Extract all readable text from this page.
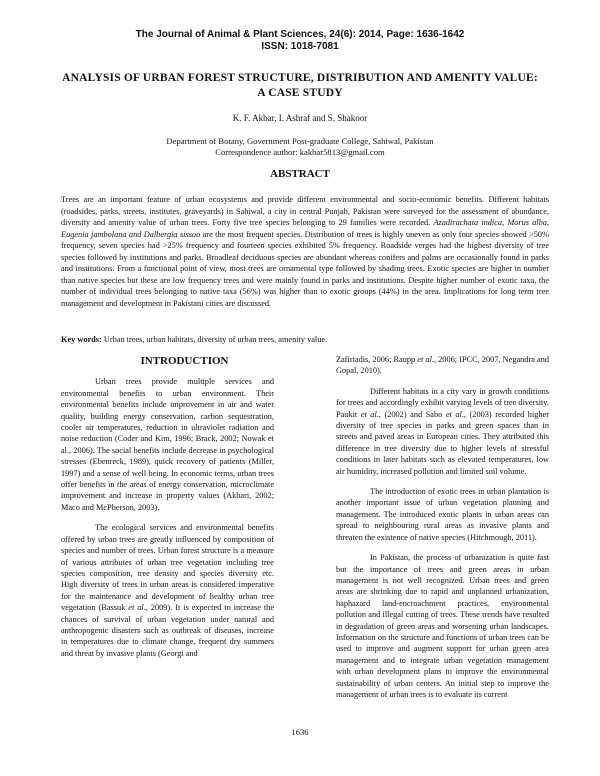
The Journal of Animal & Plant Sciences, 24(6): 2014, Page: 1636-1642
ISSN: 1018-7081
ANALYSIS OF URBAN FOREST STRUCTURE, DISTRIBUTION AND AMENITY VALUE: A CASE STUDY
K. F. Akbar, I. Ashraf and S. Shakoor
Department of Botany, Government Post-graduate College, Sahiwal, Pakistan
Correspondence author: kakbar5813@gmail.com
ABSTRACT

Trees are an important feature of urban ecosystems and provide different environmental and socio-economic benefits. Different habitats (roadsides, parks, streets, institutes, graveyards) in Sahiwal, a city in central Punjab, Pakistan were surveyed for the assessment of abundance, diversity and amenity value of urban trees. Forty five tree species belonging to 29 families were recorded. Azadirachata indica, Morus alba, Eugenia jambolana and Dalbergia sissoo are the most frequent species. Distribution of trees is highly uneven as only four species showed >50% frequency, seven species had >25% frequency and fourteen species exhibited 5% frequency. Roadside verges had the highest diversity of tree species followed by institutions and parks. Broadleaf deciduous species are abundant whereas conifers and palms are occasionally found in parks and institutions. From a functional point of view, most trees are ornamental type followed by shading trees. Exotic species are higher in number than native species but these are low frequency trees and were mainly found in parks and institutions. Despite higher number of exotic taxa, the number of individual trees belonging to native taxa (56%) was higher than to exotic groups (44%) in the area. Implications for long term tree management and development in Pakistani cities are discussed.

Key words: Urban trees, urban habitats, diversity of urban trees, amenity value.

INTRODUCTION

Urban trees provide multiple services and environmental benefits to urban environment. Their environmental benefits include improvement in air and water quality, building energy conservation, carbon sequestration, cooler air temperatures, reduction in ultraviolet radiation and noise reduction (Coder and Kim, 1996; Brack, 2002; Nowak et al., 2006). The social benefits include decrease in psychological stresses (Ebenreck, 1989), quick recovery of patients (Miller, 1997) and a sense of well being. In economic terms, urban trees offer benefits in the areas of energy conservation, microclimate improvement and increase in property values (Akbari, 2002; Maco and McPherson, 2003).

The ecological services and environmental benefits offered by urban trees are greatly influenced by composition of species and number of trees. Urban forest structure is a measure of various attributes of urban tree vegetation including tree species composition, tree density and species diversity etc. High diversity of trees in urban areas is considered imperative for the maintenance and development of healthy urban tree vegetation (Bassuk et al., 2009). It is expected to increase the chances of survival of urban vegetation under natural and anthropogenic disasters such as outbreak of diseases, increase in temperatures due to climate change, frequent dry summers and threat by invasive plants (Georgi and

Zafiriadis, 2006; Raupp et al., 2006; IPCC, 2007, Negandra and Gopal, 2010).

Different habitats in a city vary in growth conditions for trees and accordingly exhibit varying levels of tree diversity. Paukit et al., (2002) and Sabo et al., (2003) recorded higher diversity of tree species in parks and green spaces than in streets and paved areas in European cities. They attributed this difference in tree diversity due to higher levels of stressful conditions in later habitats such as elevated temperatures, low air humidity, increased pollution and limited soil volume.

The introduction of exotic trees in urban plantation is another important issue of urban vegetation planning and management. The introduced exotic plants in urban areas can spread to neighbouring rural areas as invasive plants and threaten the existence of native species (Hitchmough, 2011).

In Pakistan, the process of urbanization is quite fast but the importance of trees and green areas in urban management is not well recognized. Urban trees and green areas are shrinking due to rapid and unplanned urbanization, haphazard land-encroachment practices, environmental pollution and illegal cutting of trees. These trends have resulted in degradation of green areas and worsening urban landscapes. Information on the structure and functions of urban trees can be used to improve and augment support for urban green area management and to integrate urban vegetation management with urban development plans to improve the environmental sustainability of urban centers. An initial step to improve the management of urban trees is to evaluate its current

1636
